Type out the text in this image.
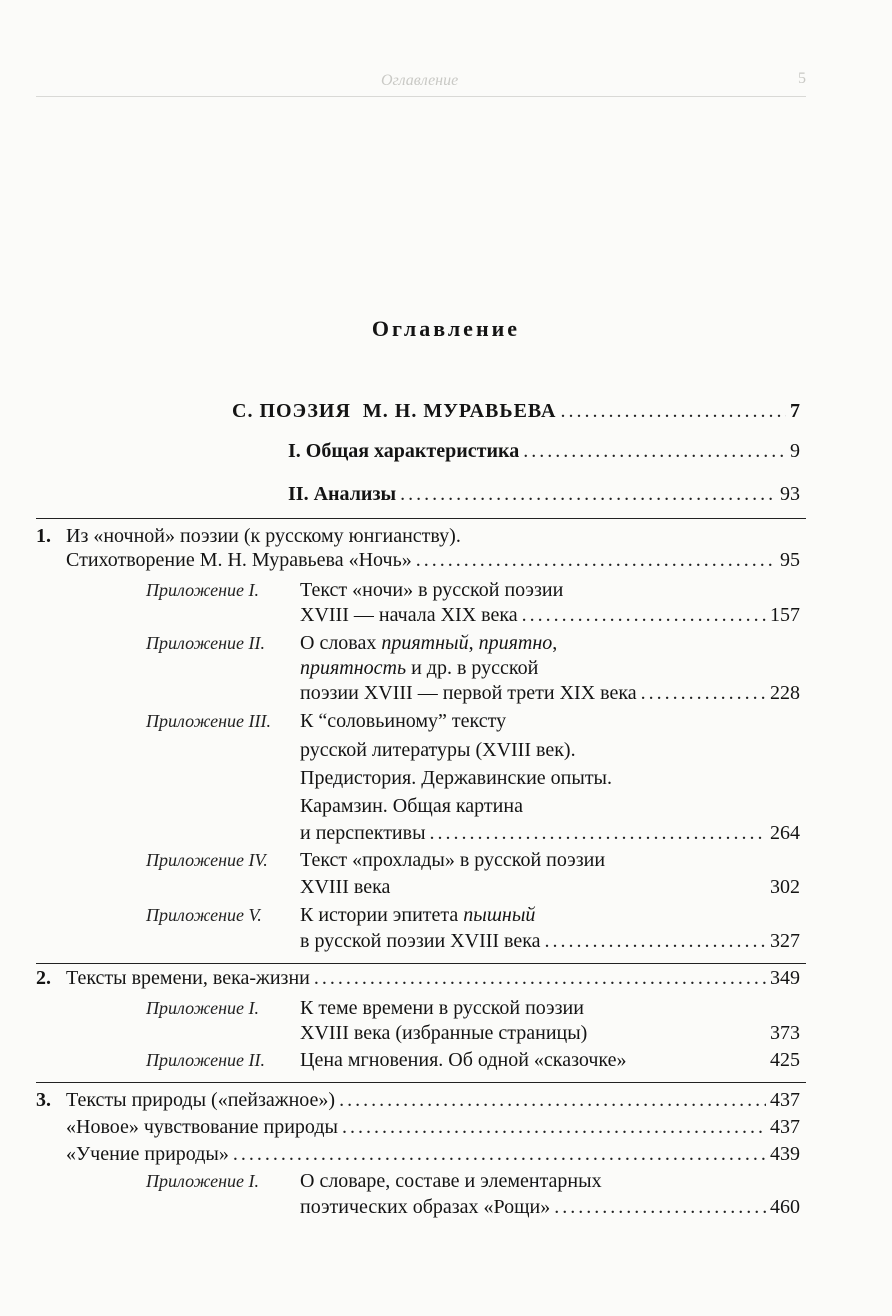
Оглавление	5
Оглавление
C. ПОЭЗИЯ  М. Н. МУРАВЬЕВА . . .	7
I. Общая характеристика . . .	9
II. Анализы . . .	93
1. Из «ночной» поэзии (к русскому юнгианству).
Стихотворение М. Н. Муравьева «Ночь» . . .	95
Приложение I. Текст «ночи» в русской поэзии
XVIII — начала XIX века . . .	157
Приложение II. О словах приятный, приятно,
приятность и др. в русской
поэзии XVIII — первой трети XIX века . . .	228
Приложение III. К “соловьиному” тексту
русской литературы (XVIII век).
Предистория. Державинские опыты.
Карамзин. Общая картина
и перспективы . . .	264
Приложение IV. Текст «прохлады» в русской поэзии
XVIII века	302
Приложение V. К истории эпитета пышный
в русской поэзии XVIII века . . .	327
2. Тексты времени, века-жизни . . .	349
Приложение I. К теме времени в русской поэзии
XVIII века (избранные страницы)	373
Приложение II. Цена мгновения. Об одной «сказочке»	425
3. Тексты природы («пейзажное») . . .	437
«Новое» чувствование природы . . .	437
«Учение природы» . . .	439
Приложение I. О словаре, составе и элементарных
поэтических образах «Рощи» . . .	460
